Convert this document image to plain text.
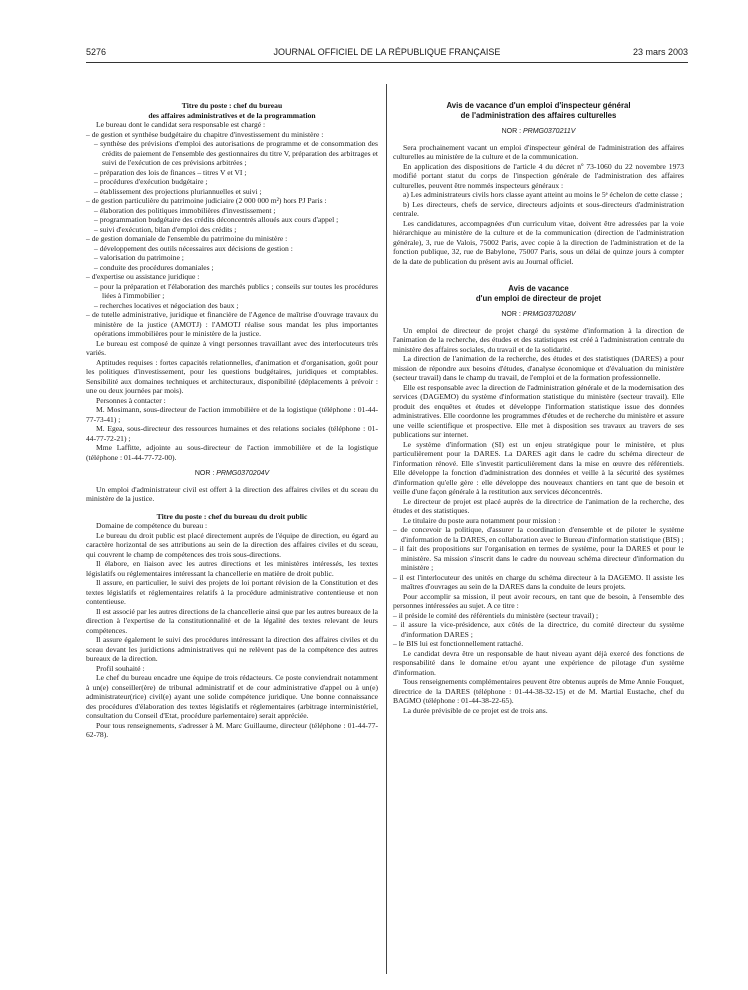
5276	JOURNAL OFFICIEL DE LA RÉPUBLIQUE FRANÇAISE	23 mars 2003
Titre du poste : chef du bureau
des affaires administratives et de la programmation

Le bureau dont le candidat sera responsable est chargé :

– de gestion et synthèse budgétaire du chapitre d'investissement du ministère :

– synthèse des prévisions d'emploi des autorisations de programme et de consommation des crédits de paiement de l'ensemble des gestionnaires du titre V, préparation des arbitrages et suivi de l'exécution de ces prévisions arbitrées ;

– préparation des lois de finances – titres V et VI ;

– procédures d'exécution budgétaire ;

– établissement des projections pluriannuelles et suivi ;

– de gestion particulière du patrimoine judiciaire (2 000 000 m²) hors PJ Paris :

– élaboration des politiques immobilières d'investissement ;

– programmation budgétaire des crédits déconcentrés alloués aux cours d'appel ;

– suivi d'exécution, bilan d'emploi des crédits ;

– de gestion domaniale de l'ensemble du patrimoine du ministère :

– développement des outils nécessaires aux décisions de gestion :

– valorisation du patrimoine ;

– conduite des procédures domaniales ;

– d'expertise ou assistance juridique :

– pour la préparation et l'élaboration des marchés publics ; conseils sur toutes les procédures liées à l'immobilier ;

– recherches locatives et négociation des baux ;

– de tutelle administrative, juridique et financière de l'Agence de maîtrise d'ouvrage travaux du ministère de la justice (AMOTJ) : l'AMOTJ réalise sous mandat les plus importantes opérations immobilières pour le ministère de la justice.

Le bureau est composé de quinze à vingt personnes travaillant avec des interlocuteurs très variés.

Aptitudes requises : fortes capacités relationnelles, d'animation et d'organisation, goût pour les politiques d'investissement, pour les questions budgétaires, juridiques et comptables. Sensibilité aux domaines techniques et architecturaux, disponibilité (déplacements à prévoir : une ou deux journées par mois).

Personnes à contacter :

M. Mosimann, sous-directeur de l'action immobilière et de la logistique (téléphone : 01-44-77-73-41) ;

M. Egea, sous-directeur des ressources humaines et des relations sociales (téléphone : 01-44-77-72-21) ;

Mme Laffitte, adjointe au sous-directeur de l'action immobilière et de la logistique (téléphone : 01-44-77-72-00).

NOR : PRMG0370204V

Un emploi d'administrateur civil est offert à la direction des affaires civiles et du sceau du ministère de la justice.

Titre du poste : chef du bureau du droit public

Domaine de compétence du bureau :

Le bureau du droit public est placé directement auprès de l'équipe de direction, eu égard au caractère horizontal de ses attributions au sein de la direction des affaires civiles et du sceau, qui couvrent le champ de compétences des trois sous-directions.

Il élabore, en liaison avec les autres directions et les ministères intéressés, les textes législatifs ou réglementaires intéressant la chancellerie en matière de droit public.

Il assure, en particulier, le suivi des projets de loi portant révision de la Constitution et des textes législatifs et réglementaires relatifs à la procédure administrative contentieuse et non contentieuse.

Il est associé par les autres directions de la chancellerie ainsi que par les autres bureaux de la direction à l'expertise de la constitutionnalité et de la légalité des textes relevant de leurs compétences.

Il assure également le suivi des procédures intéressant la direction des affaires civiles et du sceau devant les juridictions administratives qui ne relèvent pas de la compétence des autres bureaux de la direction.

Profil souhaité :

Le chef du bureau encadre une équipe de trois rédacteurs. Ce poste conviendrait notamment à un(e) conseiller(ère) de tribunal administratif et de cour administrative d'appel ou à un(e) administrateur(rice) civil(e) ayant une solide compétence juridique. Une bonne connaissance des procédures d'élaboration des textes législatifs et réglementaires (arbitrage interministériel, consultation du Conseil d'Etat, procédure parlementaire) serait appréciée.

Pour tous renseignements, s'adresser à M. Marc Guillaume, directeur (téléphone : 01-44-77-62-78).

Avis de vacance d'un emploi d'inspecteur général
de l'administration des affaires culturelles
NOR : PRMG0370211V

Sera prochainement vacant un emploi d'inspecteur général de l'administration des affaires culturelles au ministère de la culture et de la communication.

En application des dispositions de l'article 4 du décret nº 73-1060 du 22 novembre 1973 modifié portant statut du corps de l'inspection générale de l'administration des affaires culturelles, peuvent être nommés inspecteurs généraux :

a) Les administrateurs civils hors classe ayant atteint au moins le 5ᵉ échelon de cette classe ;

b) Les directeurs, chefs de service, directeurs adjoints et sous-directeurs d'administration centrale.

Les candidatures, accompagnées d'un curriculum vitae, doivent être adressées par la voie hiérarchique au ministère de la culture et de la communication (direction de l'administration générale), 3, rue de Valois, 75002 Paris, avec copie à la direction de l'administration et de la fonction publique, 32, rue de Babylone, 75007 Paris, sous un délai de quinze jours à compter de la date de publication du présent avis au Journal officiel.

Avis de vacance
d'un emploi de directeur de projet
NOR : PRMG0370208V

Un emploi de directeur de projet chargé du système d'information à la direction de l'animation de la recherche, des études et des statistiques est créé à l'administration centrale du ministère des affaires sociales, du travail et de la solidarité.

La direction de l'animation de la recherche, des études et des statistiques (DARES) a pour mission de répondre aux besoins d'études, d'analyse économique et d'évaluation du ministère (secteur travail) dans le champ du travail, de l'emploi et de la formation professionnelle.

Elle est responsable avec la direction de l'administration générale et de la modernisation des services (DAGEMO) du système d'information statistique du ministère (secteur travail). Elle produit des enquêtes et études et développe l'information statistique issue des données administratives. Elle coordonne les programmes d'études et de recherche du ministère et assure une veille scientifique et prospective. Elle met à disposition ses travaux au travers de ses publications sur internet.

Le système d'information (SI) est un enjeu stratégique pour le ministère, et plus particulièrement pour la DARES. La DARES agit dans le cadre du schéma directeur de l'information rénové. Elle s'investit particulièrement dans la mise en œuvre des référentiels. Elle développe la fonction d'administration des données et veille à la sécurité des systèmes d'information qu'elle gère : elle développe des nouveaux chantiers en tant que de besoin et veille d'une façon générale à la restitution aux services déconcentrés.

Le directeur de projet est placé auprès de la directrice de l'animation de la recherche, des études et des statistiques.

Le titulaire du poste aura notamment pour mission :

– de concevoir la politique, d'assurer la coordination d'ensemble et de piloter le système d'information de la DARES, en collaboration avec le Bureau d'information statistique (BIS) ;

– il fait des propositions sur l'organisation en termes de système, pour la DARES et pour le ministère. Sa mission s'inscrit dans le cadre du nouveau schéma directeur d'information du ministère ;

– il est l'interlocuteur des unités en charge du schéma directeur à la DAGEMO. Il assiste les maîtres d'ouvrages au sein de la DARES dans la conduite de leurs projets.

Pour accomplir sa mission, il peut avoir recours, en tant que de besoin, à l'ensemble des personnes intéressées au sujet. A ce titre :

– il préside le comité des référentiels du ministère (secteur travail) ;

– il assure la vice-présidence, aux côtés de la directrice, du comité directeur du système d'information DARES ;

– le BIS lui est fonctionnellement rattaché.

Le candidat devra être un responsable de haut niveau ayant déjà exercé des fonctions de responsabilité dans le domaine et/ou ayant une expérience de pilotage d'un système d'information.

Tous renseignements complémentaires peuvent être obtenus auprès de Mme Annie Fouquet, directrice de la DARES (téléphone : 01-44-38-32-15) et de M. Martial Eustache, chef du BAGMO (téléphone : 01-44-38-22-65).

La durée prévisible de ce projet est de trois ans.
